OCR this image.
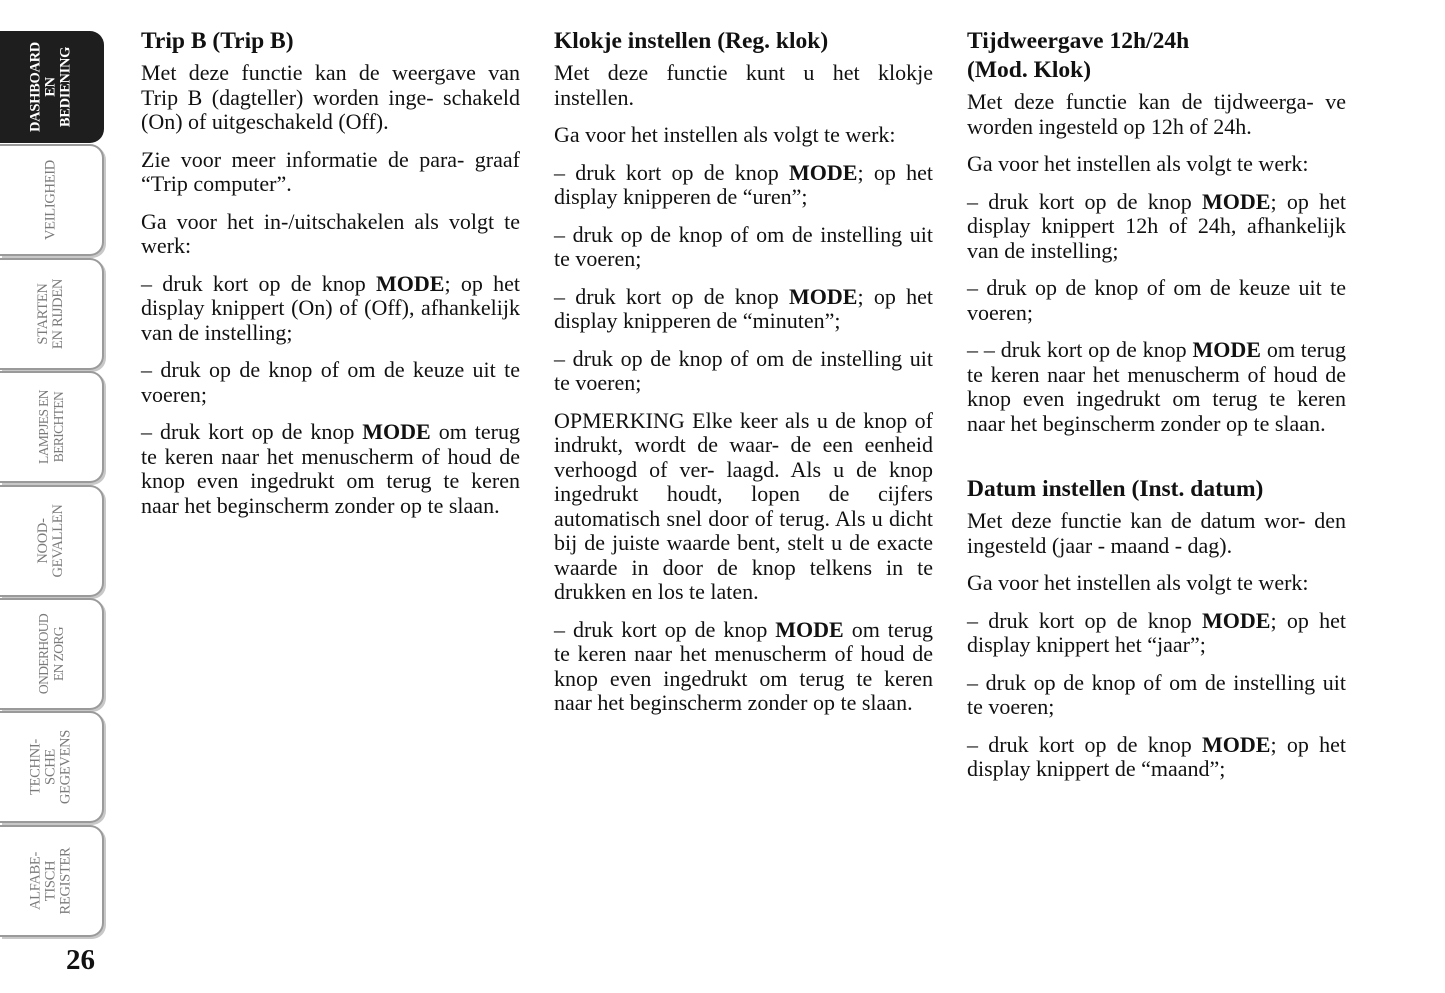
DASHBOARD
EN
BEDIENING
VEILIGHEID
STARTEN
EN RIJDEN
LAMPJES EN
BERICHTEN
NOOD-
GEVALLEN
ONDERHOUD
EN ZORG
TECHNI-
SCHE
GEGEVENS
ALFABE-
TISCH
REGISTER
26
Trip B (Trip B)

Met deze functie kan de weergave van Trip B (dagteller) worden inge- schakeld (On) of uitgeschakeld (Off).

Zie voor meer informatie de para- graaf “Trip computer”.

Ga voor het in-/uitschakelen als volgt te werk:

– druk kort op de knop MODE; op het display knippert (On) of (Off), afhankelijk van de instelling;

– druk op de knop of om de keuze uit te voeren;

– druk kort op de knop MODE om terug te keren naar het menuscherm of houd de knop even ingedrukt om terug te keren naar het beginscherm zonder op te slaan.

Klokje instellen (Reg. klok)

Met deze functie kunt u het klokje instellen.

Ga voor het instellen als volgt te werk:

– druk kort op de knop MODE; op het display knipperen de “uren”;

– druk op de knop of om de instelling uit te voeren;

– druk kort op de knop MODE; op het display knipperen de “minuten”;

– druk op de knop of om de instelling uit te voeren;

OPMERKING Elke keer als u de knop of indrukt, wordt de waar- de een eenheid verhoogd of ver- laagd. Als u de knop ingedrukt houdt, lopen de cijfers automatisch snel door of terug. Als u dicht bij de juiste waarde bent, stelt u de exacte waarde in door de knop telkens in te drukken en los te laten.

– druk kort op de knop MODE om terug te keren naar het menuscherm of houd de knop even ingedrukt om terug te keren naar het beginscherm zonder op te slaan.

Tijdweergave 12h/24h
(Mod. Klok)

Met deze functie kan de tijdweerga- ve worden ingesteld op 12h of 24h.

Ga voor het instellen als volgt te werk:

– druk kort op de knop MODE; op het display knippert 12h of 24h, afhankelijk van de instelling;

– druk op de knop of om de keuze uit te voeren;

– – druk kort op de knop MODE om terug te keren naar het menuscherm of houd de knop even ingedrukt om terug te keren naar het beginscherm zonder op te slaan.

Datum instellen (Inst. datum)

Met deze functie kan de datum wor- den ingesteld (jaar - maand - dag).

Ga voor het instellen als volgt te werk:

– druk kort op de knop MODE; op het display knippert het “jaar”;

– druk op de knop of om de instelling uit te voeren;

– druk kort op de knop MODE; op het display knippert de “maand”;
